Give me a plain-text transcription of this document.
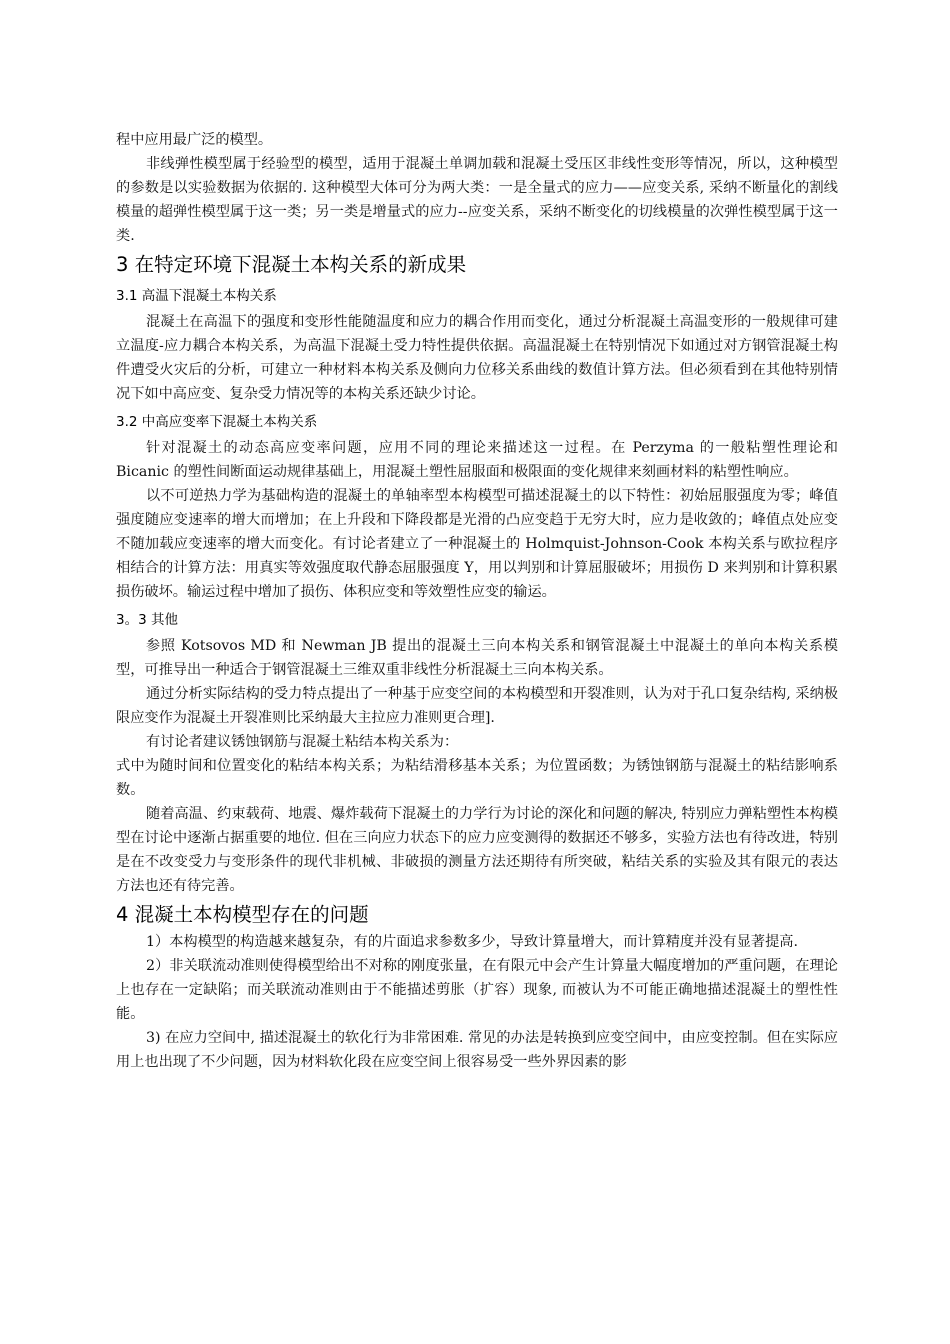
程中应用最广泛的模型。

非线弹性模型属于经验型的模型，适用于混凝土单调加载和混凝土受压区非线性变形等情况，所以，这种模型的参数是以实验数据为依据的. 这种模型大体可分为两大类：一是全量式的应力——应变关系, 采纳不断量化的割线模量的超弹性模型属于这一类；另一类是增量式的应力--应变关系，采纳不断变化的切线模量的次弹性模型属于这一类.

3 在特定环境下混凝土本构关系的新成果
3.1 高温下混凝土本构关系

混凝土在高温下的强度和变形性能随温度和应力的耦合作用而变化，通过分析混凝土高温变形的一般规律可建立温度-应力耦合本构关系，为高温下混凝土受力特性提供依据。高温混凝土在特别情况下如通过对方钢管混凝土构件遭受火灾后的分析，可建立一种材料本构关系及侧向力位移关系曲线的数值计算方法。但必须看到在其他特别情况下如中高应变、复杂受力情况等的本构关系还缺少讨论。

3.2 中高应变率下混凝土本构关系

针对混凝土的动态高应变率问题，应用不同的理论来描述这一过程。在 Perzyma 的一般粘塑性理论和 Bicanic 的塑性间断面运动规律基础上，用混凝土塑性屈服面和极限面的变化规律来刻画材料的粘塑性响应。

以不可逆热力学为基础构造的混凝土的单轴率型本构模型可描述混凝土的以下特性：初始屈服强度为零；峰值强度随应变速率的增大而增加；在上升段和下降段都是光滑的凸应变趋于无穷大时，应力是收敛的；峰值点处应变不随加载应变速率的增大而变化。有讨论者建立了一种混凝土的 Holmquist-Johnson-Cook 本构关系与欧拉程序相结合的计算方法：用真实等效强度取代静态屈服强度 Y，用以判别和计算屈服破坏；用损伤 D 来判别和计算积累损伤破坏。输运过程中增加了损伤、体积应变和等效塑性应变的输运。

3。3 其他

参照 Kotsovos MD 和 Newman JB 提出的混凝土三向本构关系和钢管混凝土中混凝土的单向本构关系模型，可推导出一种适合于钢管混凝土三维双重非线性分析混凝土三向本构关系。

通过分析实际结构的受力特点提出了一种基于应变空间的本构模型和开裂准则，认为对于孔口复杂结构, 采纳极限应变作为混凝土开裂准则比采纳最大主拉应力准则更合理].

有讨论者建议锈蚀钢筋与混凝土粘结本构关系为：

式中为随时间和位置变化的粘结本构关系；为粘结滑移基本关系；为位置函数；为锈蚀钢筋与混凝土的粘结影响系数。

随着高温、约束载荷、地震、爆炸载荷下混凝土的力学行为讨论的深化和问题的解决, 特别应力弹粘塑性本构模型在讨论中逐渐占据重要的地位. 但在三向应力状态下的应力应变测得的数据还不够多，实验方法也有待改进，特别是在不改变受力与变形条件的现代非机械、非破损的测量方法还期待有所突破，粘结关系的实验及其有限元的表达方法也还有待完善。

4 混凝土本构模型存在的问题

1）本构模型的构造越来越复杂，有的片面追求参数多少，导致计算量增大，而计算精度并没有显著提高.

2）非关联流动准则使得模型给出不对称的刚度张量，在有限元中会产生计算量大幅度增加的严重问题，在理论上也存在一定缺陷；而关联流动准则由于不能描述剪胀（扩容）现象, 而被认为不可能正确地描述混凝土的塑性性能。

3) 在应力空间中, 描述混凝土的软化行为非常困难. 常见的办法是转换到应变空间中，由应变控制。但在实际应用上也出现了不少问题，因为材料软化段在应变空间上很容易受一些外界因素的影
